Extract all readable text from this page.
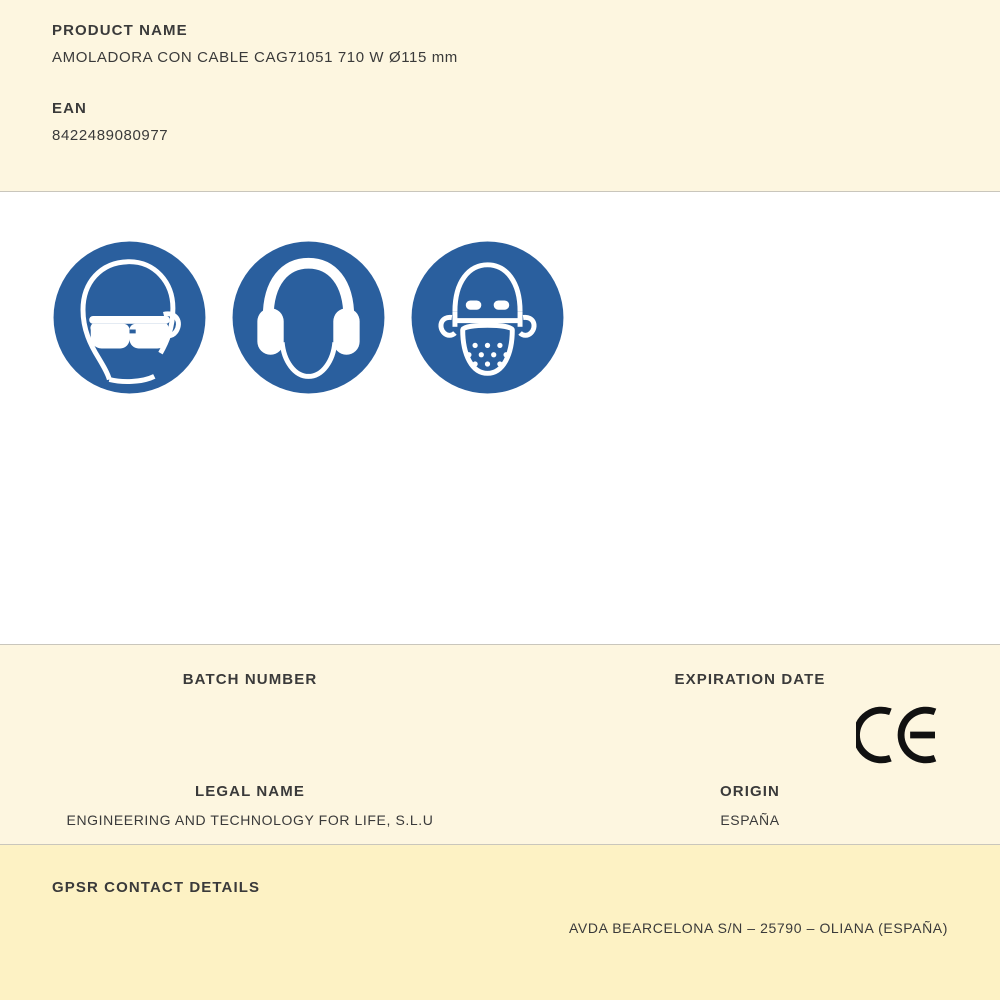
PRODUCT NAME

AMOLADORA CON CABLE CAG71051 710 W Ø115 mm

EAN

8422489080977

BATCH NUMBER	EXPIRATION DATE

LEGAL NAME

ENGINEERING AND TECHNOLOGY FOR LIFE, S.L.U

ORIGIN

ESPAÑA

GPSR CONTACT DETAILS

AVDA BEARCELONA S/N – 25790 – OLIANA (ESPAÑA)
